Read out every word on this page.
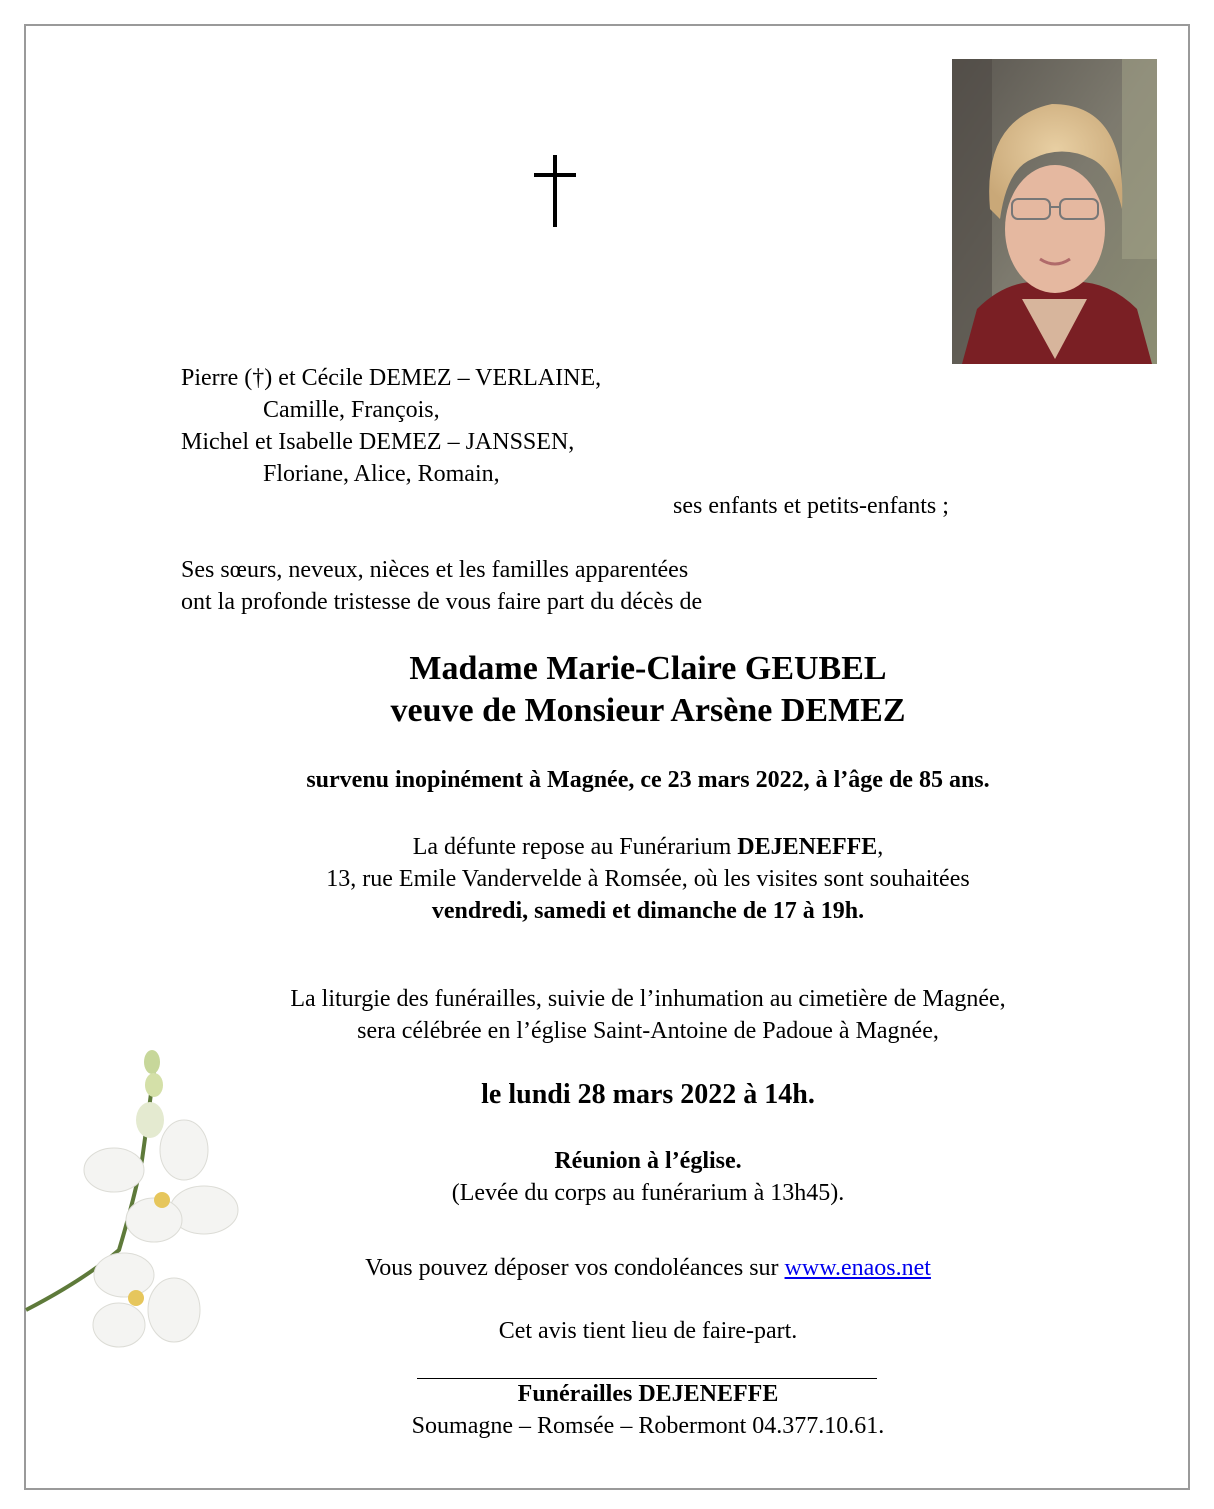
Pierre (†) et Cécile DEMEZ – VERLAINE,
Camille, François,
Michel et Isabelle DEMEZ – JANSSEN,
Floriane, Alice, Romain,
ses enfants et petits-enfants ;
Ses sœurs, neveux, nièces et les familles apparentées
ont la profonde tristesse de vous faire part du décès de
Madame Marie-Claire GEUBEL
veuve de Monsieur Arsène DEMEZ
survenu inopinément à Magnée, ce 23 mars 2022, à l’âge de 85 ans.
La défunte repose au Funérarium DEJENEFFE,
13, rue Emile Vandervelde à Romsée, où les visites sont souhaitées
vendredi, samedi et dimanche de 17 à 19h.
La liturgie des funérailles, suivie de l’inhumation au cimetière de Magnée,
sera célébrée en l’église Saint-Antoine de Padoue à Magnée,
le lundi 28 mars 2022 à 14h.
Réunion à l’église.
(Levée du corps au funérarium à 13h45).
Vous pouvez déposer vos condoléances sur www.enaos.net
Cet avis tient lieu de faire-part.
Funérailles DEJENEFFE
Soumagne – Romsée – Robermont 04.377.10.61.
